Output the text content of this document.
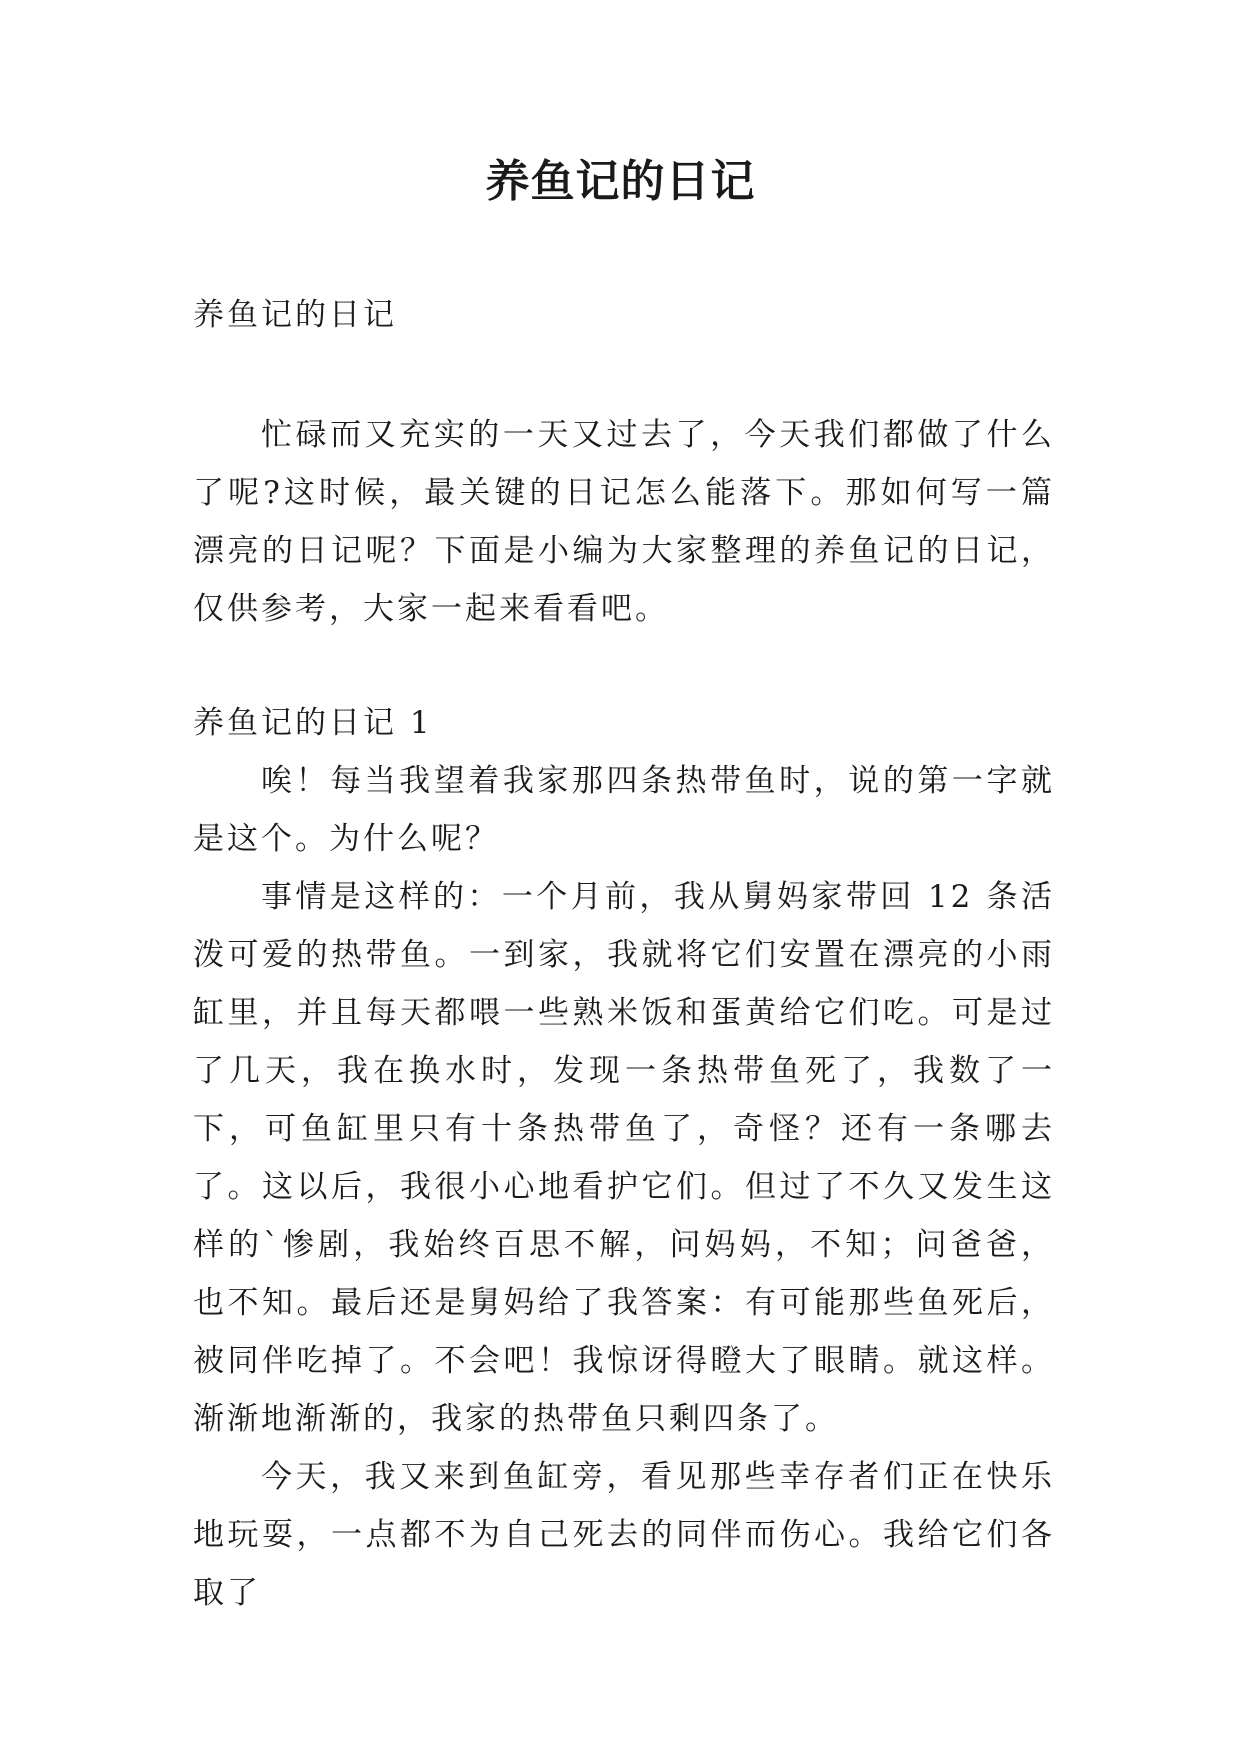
养鱼记的日记

养鱼记的日记

忙碌而又充实的一天又过去了，今天我们都做了什么了呢?这时候，最关键的日记怎么能落下。那如何写一篇漂亮的日记呢？下面是小编为大家整理的养鱼记的日记，仅供参考，大家一起来看看吧。

养鱼记的日记 1

唉！每当我望着我家那四条热带鱼时，说的第一字就是这个。为什么呢？

事情是这样的：一个月前，我从舅妈家带回 12 条活泼可爱的热带鱼。一到家，我就将它们安置在漂亮的小雨缸里，并且每天都喂一些熟米饭和蛋黄给它们吃。可是过了几天，我在换水时，发现一条热带鱼死了，我数了一下，可鱼缸里只有十条热带鱼了，奇怪？还有一条哪去了。这以后，我很小心地看护它们。但过了不久又发生这样的`惨剧，我始终百思不解，问妈妈，不知；问爸爸，也不知。最后还是舅妈给了我答案：有可能那些鱼死后，被同伴吃掉了。不会吧！我惊讶得瞪大了眼睛。就这样。渐渐地渐渐的，我家的热带鱼只剩四条了。

今天，我又来到鱼缸旁，看见那些幸存者们正在快乐地玩耍，一点都不为自己死去的同伴而伤心。我给它们各取了
